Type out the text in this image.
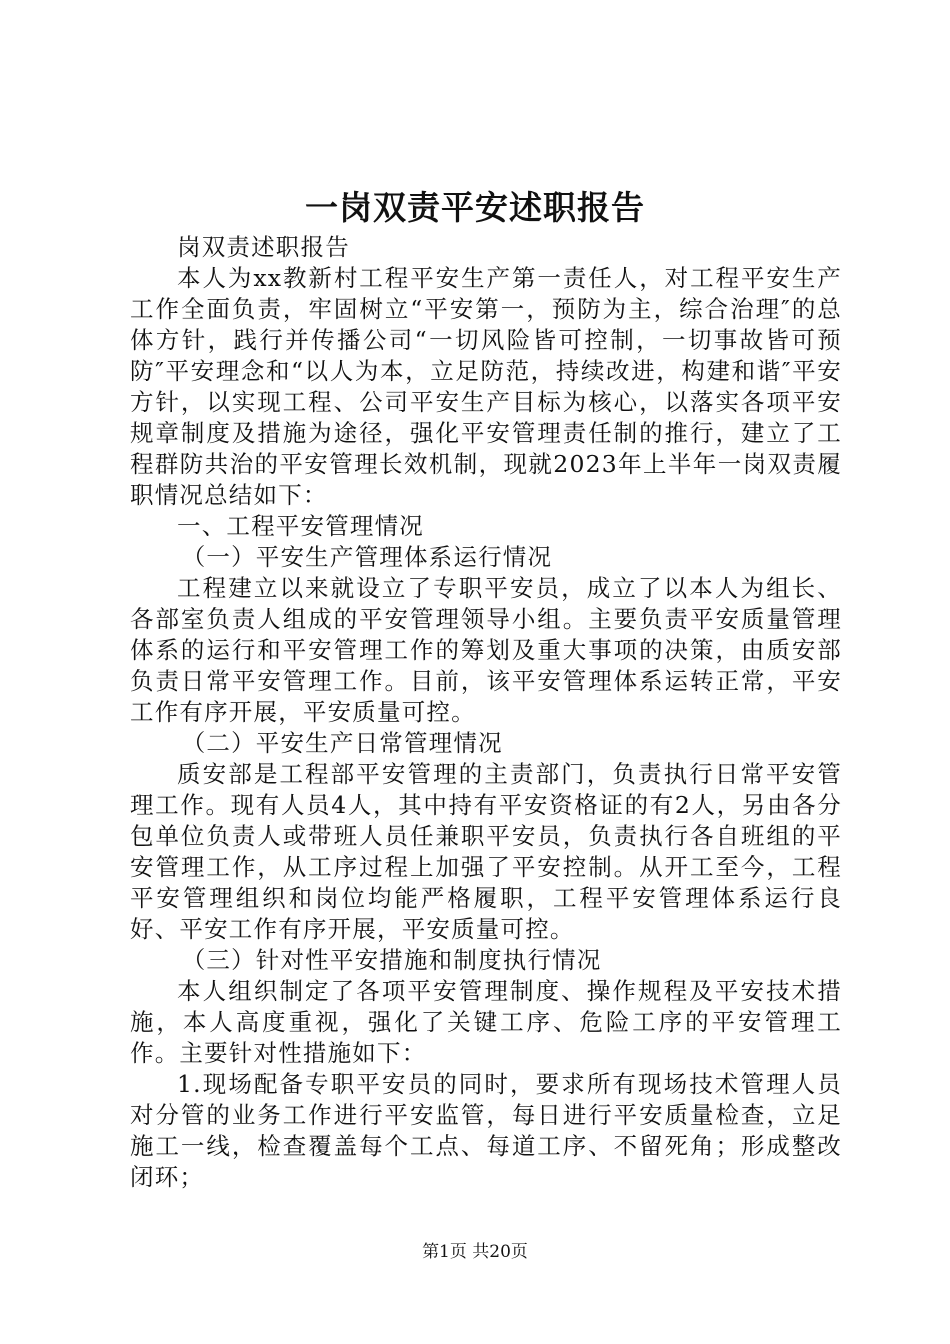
一岗双责平安述职报告

岗双责述职报告

本人为xx教新村工程平安生产第一责任人，对工程平安生产工作全面负责，牢固树立“平安第一，预防为主，综合治理″的总体方针，践行并传播公司“一切风险皆可控制，一切事故皆可预防″平安理念和“以人为本，立足防范，持续改进，构建和谐″平安方针，以实现工程、公司平安生产目标为核心，以落实各项平安规章制度及措施为途径，强化平安管理责任制的推行，建立了工程群防共治的平安管理长效机制，现就2023年上半年一岗双责履职情况总结如下：

一、工程平安管理情况

（一）平安生产管理体系运行情况

工程建立以来就设立了专职平安员，成立了以本人为组长、各部室负责人组成的平安管理领导小组。主要负责平安质量管理体系的运行和平安管理工作的筹划及重大事项的决策，由质安部负责日常平安管理工作。目前，该平安管理体系运转正常，平安工作有序开展，平安质量可控。

（二）平安生产日常管理情况

质安部是工程部平安管理的主责部门，负责执行日常平安管理工作。现有人员4人，其中持有平安资格证的有2人，另由各分包单位负责人或带班人员任兼职平安员，负责执行各自班组的平安管理工作，从工序过程上加强了平安控制。从开工至今，工程平安管理组织和岗位均能严格履职，工程平安管理体系运行良好、平安工作有序开展，平安质量可控。

（三）针对性平安措施和制度执行情况

本人组织制定了各项平安管理制度、操作规程及平安技术措施，本人高度重视，强化了关键工序、危险工序的平安管理工作。主要针对性措施如下：

1.现场配备专职平安员的同时，要求所有现场技术管理人员对分管的业务工作进行平安监管，每日进行平安质量检查，立足施工一线，检查覆盖每个工点、每道工序、不留死角；形成整改闭环；

第1页 共20页
